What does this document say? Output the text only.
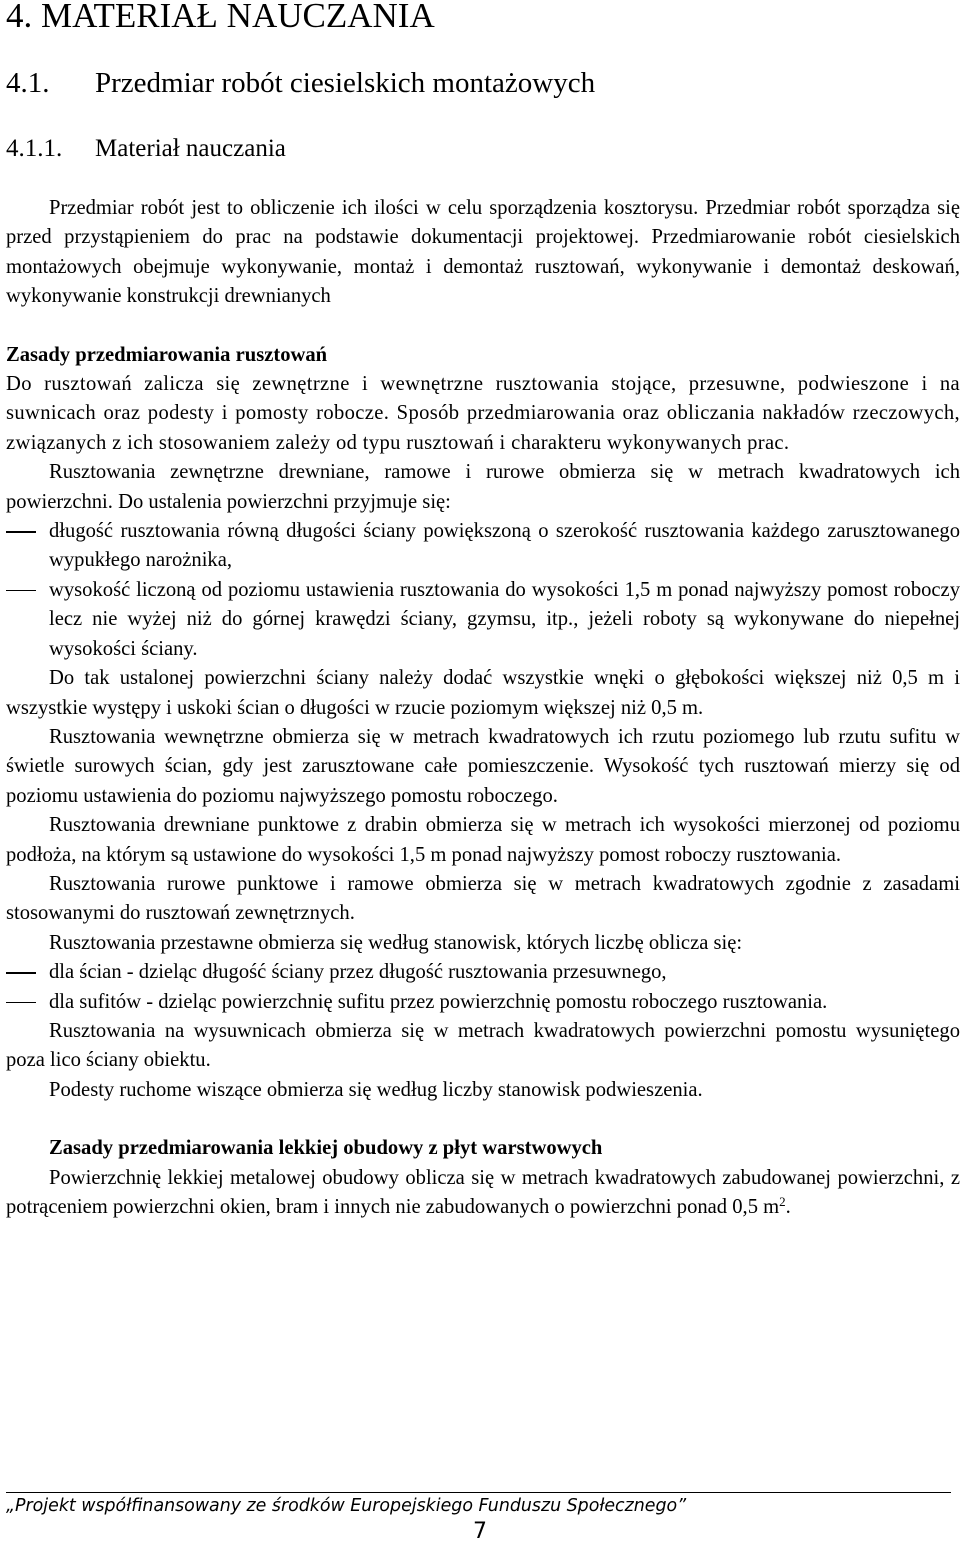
4. MATERIAŁ NAUCZANIA
4.1. Przedmiar robót ciesielskich montażowych
4.1.1. Materiał nauczania

Przedmiar robót jest to obliczenie ich ilości w celu sporządzenia kosztorysu. Przedmiar robót sporządza się przed przystąpieniem do prac na podstawie dokumentacji projektowej. Przedmiarowanie robót ciesielskich montażowych obejmuje wykonywanie, montaż i demontaż rusztowań, wykonywanie i demontaż deskowań, wykonywanie konstrukcji drewnianych

Zasady przedmiarowania rusztowań

Do rusztowań zalicza się zewnętrzne i wewnętrzne rusztowania stojące, przesuwne, podwieszone i na suwnicach oraz podesty i pomosty robocze. Sposób przedmiarowania oraz obliczania nakładów rzeczowych, związanych z ich stosowaniem zależy od typu rusztowań i charakteru wykonywanych prac.

Rusztowania zewnętrzne drewniane, ramowe i rurowe obmierza się w metrach kwadratowych ich powierzchni. Do ustalenia powierzchni przyjmuje się:

długość rusztowania równą długości ściany powiększoną o szerokość rusztowania każdego zarusztowanego wypukłego narożnika,
wysokość liczoną od poziomu ustawienia rusztowania do wysokości 1,5 m ponad najwyższy pomost roboczy lecz nie wyżej niż do górnej krawędzi ściany, gzymsu, itp., jeżeli roboty są wykonywane do niepełnej wysokości ściany.

Do tak ustalonej powierzchni ściany należy dodać wszystkie wnęki o głębokości większej niż 0,5 m i wszystkie występy i uskoki ścian o długości w rzucie poziomym większej niż 0,5 m.

Rusztowania wewnętrzne obmierza się w metrach kwadratowych ich rzutu poziomego lub rzutu sufitu w świetle surowych ścian, gdy jest zarusztowane całe pomieszczenie. Wysokość tych rusztowań mierzy się od poziomu ustawienia do poziomu najwyższego pomostu roboczego.

Rusztowania drewniane punktowe z drabin obmierza się w metrach ich wysokości mierzonej od poziomu podłoża, na którym są ustawione do wysokości 1,5 m ponad najwyższy pomost roboczy rusztowania.

Rusztowania rurowe punktowe i ramowe obmierza się w metrach kwadratowych zgodnie z zasadami stosowanymi do rusztowań zewnętrznych.

Rusztowania przestawne obmierza się według stanowisk, których liczbę oblicza się:

dla ścian - dzieląc długość ściany przez długość rusztowania przesuwnego,
dla sufitów - dzieląc powierzchnię sufitu przez powierzchnię pomostu roboczego rusztowania.

Rusztowania na wysuwnicach obmierza się w metrach kwadratowych powierzchni pomostu wysuniętego poza lico ściany obiektu.

Podesty ruchome wiszące obmierza się według liczby stanowisk podwieszenia.

Zasady przedmiarowania lekkiej obudowy z płyt warstwowych

Powierzchnię lekkiej metalowej obudowy oblicza się w metrach kwadratowych zabudowanej powierzchni, z potrąceniem powierzchni okien, bram i innych nie zabudowanych o powierzchni ponad 0,5 $m^2$.

„Projekt współfinansowany ze środków Europejskiego Funduszu Społecznego”
7
